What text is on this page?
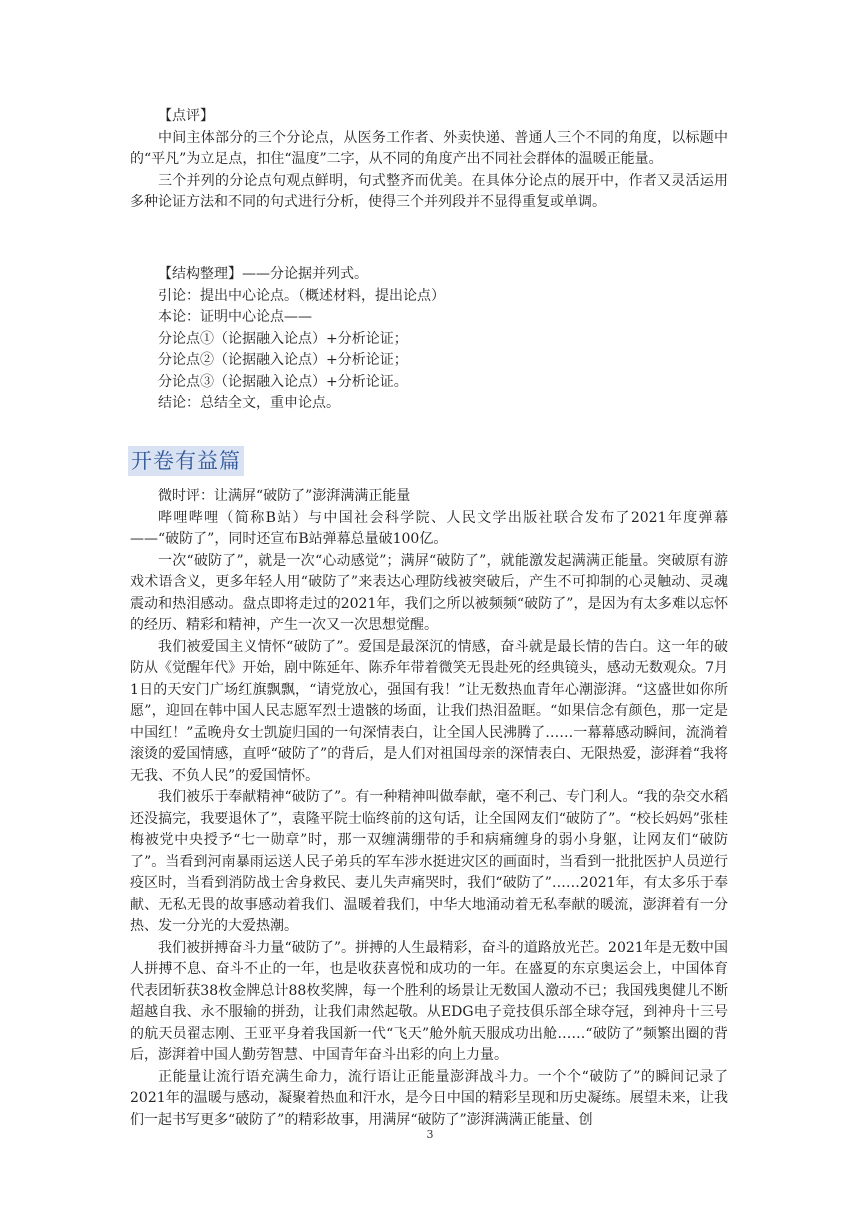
【点评】

中间主体部分的三个分论点，从医务工作者、外卖快递、普通人三个不同的角度，以标题中的“平凡”为立足点，扣住“温度”二字，从不同的角度产出不同社会群体的温暖正能量。

三个并列的分论点句观点鲜明，句式整齐而优美。在具体分论点的展开中，作者又灵活运用多种论证方法和不同的句式进行分析，使得三个并列段并不显得重复或单调。

【结构整理】——分论据并列式。

引论：提出中心论点。（概述材料，提出论点）

本论：证明中心论点——

分论点①（论据融入论点）+分析论证；

分论点②（论据融入论点）+分析论证；

分论点③（论据融入论点）+分析论证。

结论：总结全文，重申论点。

开卷有益篇

微时评：让满屏“破防了”澎湃满满正能量

哔哩哔哩（简称B站）与中国社会科学院、人民文学出版社联合发布了2021年度弹幕——“破防了”，同时还宣布B站弹幕总量破100亿。

一次“破防了”，就是一次“心动感觉”；满屏“破防了”，就能激发起满满正能量。突破原有游戏术语含义，更多年轻人用“破防了”来表达心理防线被突破后，产生不可抑制的心灵触动、灵魂震动和热泪感动。盘点即将走过的2021年，我们之所以被频频“破防了”，是因为有太多难以忘怀的经历、精彩和精神，产生一次又一次思想觉醒。

我们被爱国主义情怀“破防了”。爱国是最深沉的情感，奋斗就是最长情的告白。这一年的破防从《觉醒年代》开始，剧中陈延年、陈乔年带着微笑无畏赴死的经典镜头，感动无数观众。7月1日的天安门广场红旗飘飘，“请党放心，强国有我！”让无数热血青年心潮澎湃。“这盛世如你所愿”，迎回在韩中国人民志愿军烈士遗骸的场面，让我们热泪盈眶。“如果信念有颜色，那一定是中国红！”孟晚舟女士凯旋归国的一句深情表白，让全国人民沸腾了……一幕幕感动瞬间，流淌着滚烫的爱国情感，直呼“破防了”的背后，是人们对祖国母亲的深情表白、无限热爱，澎湃着“我将无我、不负人民”的爱国情怀。

我们被乐于奉献精神“破防了”。有一种精神叫做奉献，毫不利己、专门利人。“我的杂交水稻还没搞完，我要退休了”，袁隆平院士临终前的这句话，让全国网友们“破防了”。“校长妈妈”张桂梅被党中央授予“七一勋章”时，那一双缠满绷带的手和病痛缠身的弱小身躯，让网友们“破防了”。当看到河南暴雨运送人民子弟兵的军车涉水挺进灾区的画面时，当看到一批批医护人员逆行疫区时，当看到消防战士舍身救民、妻儿失声痛哭时，我们“破防了”……2021年，有太多乐于奉献、无私无畏的故事感动着我们、温暖着我们，中华大地涌动着无私奉献的暖流，澎湃着有一分热、发一分光的大爱热潮。

我们被拼搏奋斗力量“破防了”。拼搏的人生最精彩，奋斗的道路放光芒。2021年是无数中国人拼搏不息、奋斗不止的一年，也是收获喜悦和成功的一年。在盛夏的东京奥运会上，中国体育代表团斩获38枚金牌总计88枚奖牌，每一个胜利的场景让无数国人激动不已；我国残奥健儿不断超越自我、永不服输的拼劲，让我们肃然起敬。从EDG电子竞技俱乐部全球夺冠，到神舟十三号的航天员翟志刚、王亚平身着我国新一代“飞天”舱外航天服成功出舱……“破防了”频繁出圈的背后，澎湃着中国人勤劳智慧、中国青年奋斗出彩的向上力量。

正能量让流行语充满生命力，流行语让正能量澎湃战斗力。一个个“破防了”的瞬间记录了2021年的温暖与感动，凝聚着热血和汗水，是今日中国的精彩呈现和历史凝练。展望未来，让我们一起书写更多“破防了”的精彩故事，用满屏“破防了”澎湃满满正能量、创

3
